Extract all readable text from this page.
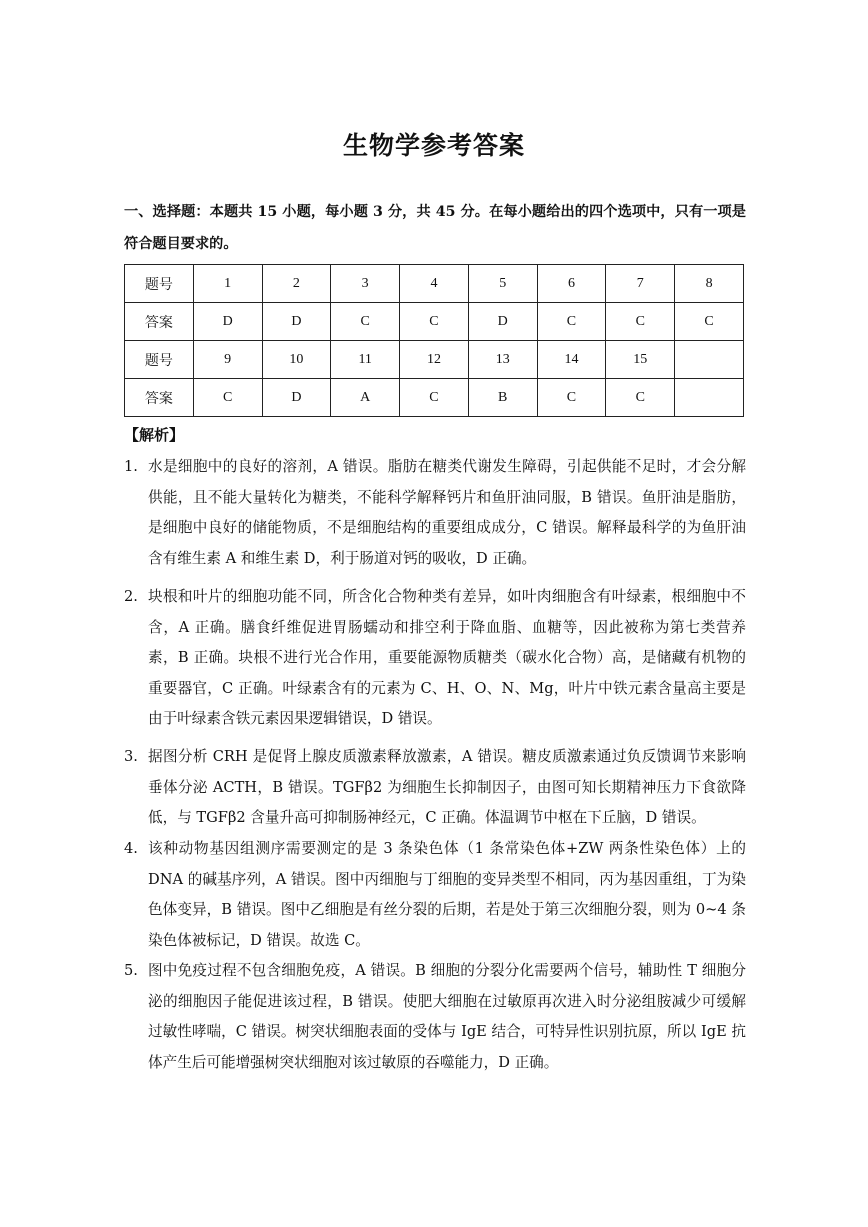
生物学参考答案
一、选择题：本题共 15 小题，每小题 3 分，共 45 分。在每小题给出的四个选项中，只有一项是符合题目要求的。
题号	1	2	3	4	5	6	7	8
答案	D	D	C	C	D	C	C	C
题号	9	10	11	12	13	14	15	
答案	C	D	A	C	B	C	C	
【解析】
1. 水是细胞中的良好的溶剂，A 错误。脂肪在糖类代谢发生障碍，引起供能不足时，才会分解供能，且不能大量转化为糖类，不能科学解释钙片和鱼肝油同服，B 错误。鱼肝油是脂肪，是细胞中良好的储能物质，不是细胞结构的重要组成成分，C 错误。解释最科学的为鱼肝油含有维生素 A 和维生素 D，利于肠道对钙的吸收，D 正确。
2. 块根和叶片的细胞功能不同，所含化合物种类有差异，如叶肉细胞含有叶绿素，根细胞中不含，A 正确。膳食纤维促进胃肠蠕动和排空利于降血脂、血糖等，因此被称为第七类营养素，B 正确。块根不进行光合作用，重要能源物质糖类（碳水化合物）高，是储藏有机物的重要器官，C 正确。叶绿素含有的元素为 C、H、O、N、Mg，叶片中铁元素含量高主要是由于叶绿素含铁元素因果逻辑错误，D 错误。
3. 据图分析 CRH 是促肾上腺皮质激素释放激素，A 错误。糖皮质激素通过负反馈调节来影响垂体分泌 ACTH，B 错误。TGFβ2 为细胞生长抑制因子，由图可知长期精神压力下食欲降低，与 TGFβ2 含量升高可抑制肠神经元，C 正确。体温调节中枢在下丘脑，D 错误。
4. 该种动物基因组测序需要测定的是 3 条染色体（1 条常染色体+ZW 两条性染色体）上的 DNA 的碱基序列，A 错误。图中丙细胞与丁细胞的变异类型不相同，丙为基因重组，丁为染色体变异，B 错误。图中乙细胞是有丝分裂的后期，若是处于第三次细胞分裂，则为 0~4 条染色体被标记，D 错误。故选 C。
5. 图中免疫过程不包含细胞免疫，A 错误。B 细胞的分裂分化需要两个信号，辅助性 T 细胞分泌的细胞因子能促进该过程，B 错误。使肥大细胞在过敏原再次进入时分泌组胺减少可缓解过敏性哮喘，C 错误。树突状细胞表面的受体与 IgE 结合，可特异性识别抗原，所以 IgE 抗体产生后可能增强树突状细胞对该过敏原的吞噬能力，D 正确。
